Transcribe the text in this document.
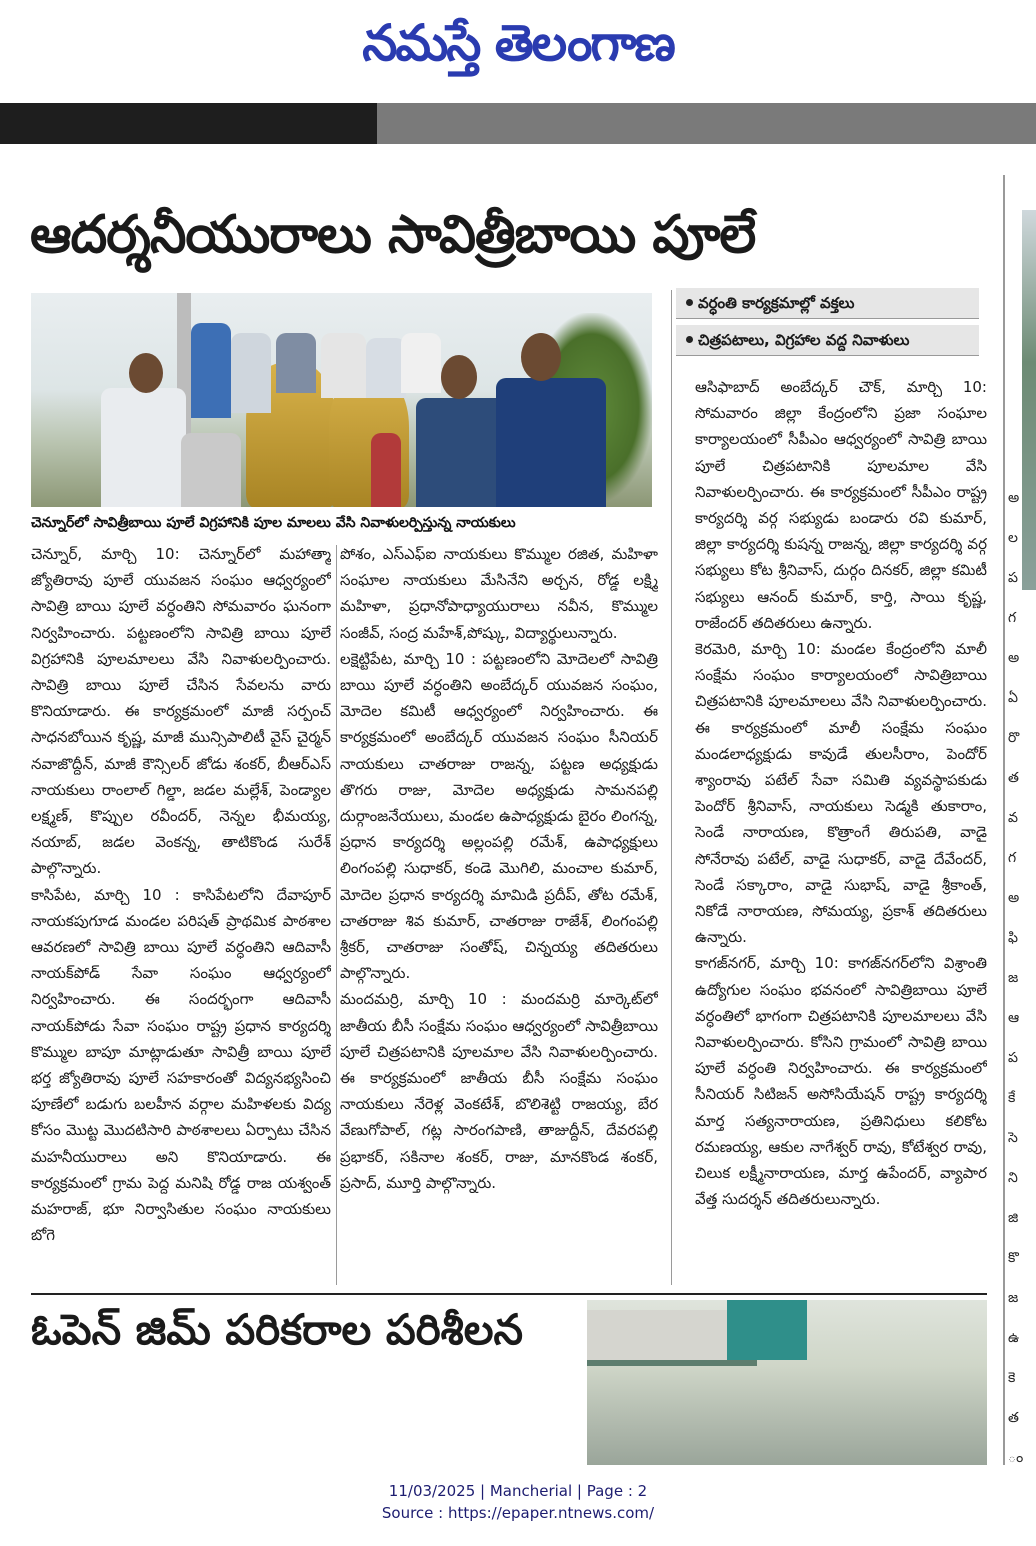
నమస్తే తెలంగాణ
అ
ల
ప
గ
అ
ఏ
రొ
త
వ
గ
అ
ఫి
జ
ఆ
ప
కే
సె
ని
జి
కొ
జ
ఉ
కె
త
ం
ఆదర్శనీయురాలు సావిత్రీబాయి పూలే
చెన్నూర్‌లో సావిత్రీబాయి పూలే విగ్రహానికి పూల మాలలు వేసి నివాళులర్పిస్తున్న నాయకులు
వర్ధంతి కార్యక్రమాల్లో వక్తలు
చిత్రపటాలు, విగ్రహాల వద్ద నివాళులు

చెన్నూర్, మార్చి 10: చెన్నూర్‌లో మహాత్మా జ్యోతిరావు పూలే యువజన సంఘం ఆధ్వర్యంలో సావిత్రి బాయి పూలే వర్ధంతిని సోమవారం ఘనంగా నిర్వహించారు. పట్టణంలోని సావిత్రి బాయి పూలే విగ్రహానికి పూలమాలలు వేసి నివాళులర్పించారు. సావిత్రి బాయి పూలే చేసిన సేవలను వారు కొనియాడారు. ఈ కార్యక్రమంలో మాజీ సర్పంచ్ సాధనబోయిన కృష్ణ, మాజీ మున్సిపాలిటీ వైస్ చైర్మన్ నవాజొద్దీన్, మాజీ కౌన్సిలర్ జోడు శంకర్, బీఆర్ఎస్ నాయకులు రాంలాల్ గిల్డా, జడల మల్లేశ్, పెండ్యాల లక్ష్మణ్, కొప్పుల రవీందర్, నెన్నల భీమయ్య, నయాబ్, జడల వెంకన్న, తాటికొండ సురేశ్ పాల్గొన్నారు.

కాసిపేట, మార్చి 10 : కాసిపేటలోని దేవాపూర్ నాయకపుగూడ మండల పరిషత్ ప్రాథమిక పాఠశాల ఆవరణలో సావిత్రి బాయి పూలే వర్ధంతిని ఆదివాసీ నాయక్‌పోడ్ సేవా సంఘం ఆధ్వర్యంలో నిర్వహించారు. ఈ సందర్భంగా ఆదివాసీ నాయక్‌పోడు సేవా సంఘం రాష్ట్ర ప్రధాన కార్యదర్శి కొమ్ముల బాపూ మాట్లాడుతూ సావిత్రీ బాయి పూలే భర్త జ్యోతిరావు పూలే సహకారంతో విద్యనభ్యసించి పూణేలో బడుగు బలహీన వర్గాల మహిళలకు విద్య కోసం మొట్ట మొదటిసారి పాఠశాలలు ఏర్పాటు చేసిన మహనీయురాలు అని కొనియాడారు. ఈ కార్యక్రమంలో గ్రామ పెద్ద మనిషి రోడ్డ రాజ యశ్వంత్ మహరాజ్, భూ నిర్వాసితుల సంఘం నాయకులు బోగె

పోశం, ఎస్ఎఫ్ఐ నాయకులు కొమ్ముల రజిత, మహిళా సంఘాల నాయకులు మేసినేని అర్చన, రోడ్డ లక్ష్మి మహిళా, ప్రధానోపాధ్యాయురాలు నవీన, కొమ్ముల సంజీవ్, సంద్ర మహేశ్,పోష్కు, విద్యార్థులున్నారు.

లక్షెట్టిపేట, మార్చి 10 : పట్టణంలోని మోదెలలో సావిత్రి బాయి పూలే వర్ధంతిని అంబేద్కర్ యువజన సంఘం, మోదెల కమిటీ ఆధ్వర్యంలో నిర్వహించారు. ఈ కార్యక్రమంలో అంబేద్కర్ యువజన సంఘం సీనియర్ నాయకులు చాతరాజు రాజన్న, పట్టణ అధ్యక్షుడు తొగరు రాజు, మోదెల అధ్యక్షుడు సామనపల్లి దుర్గాంజనేయులు, మండల ఉపాధ్యక్షుడు బైరం లింగన్న, ప్రధాన కార్యదర్శి అల్లంపల్లి రమేశ్, ఉపాధ్యక్షులు లింగంపల్లి సుధాకర్, కండె మొగిలి, మంచాల కుమార్, మోదెల ప్రధాన కార్యదర్శి మామిడి ప్రదీప్, తోట రమేశ్, చాతరాజు శివ కుమార్, చాతరాజు రాజేశ్, లింగంపల్లి శ్రీకర్, చాతరాజు సంతోష్, చిన్నయ్య తదితరులు పాల్గొన్నారు.

మందమర్రి, మార్చి 10 : మందమర్రి మార్కెట్‌లో జాతీయ బీసీ సంక్షేమ సంఘం ఆధ్వర్యంలో సావిత్రీబాయి పూలే చిత్రపటానికి పూలమాల వేసి నివాళులర్పించారు. ఈ కార్యక్రమంలో జాతీయ బీసీ సంక్షేమ సంఘం నాయకులు నేరెళ్ల వెంకటేశ్, బొలిశెట్టి రాజయ్య, బేర వేణుగోపాల్, గట్ల సారంగపాణి, తాజుద్దీన్, దేవరపల్లి ప్రభాకర్, సకినాల శంకర్, రాజు, మానకొండ శంకర్, ప్రసాద్, మూర్తి పాల్గొన్నారు.

ఆసిఫాబాద్ అంబేద్కర్ చౌక్, మార్చి 10: సోమవారం జిల్లా కేంద్రంలోని ప్రజా సంఘాల కార్యాలయంలో సీపీఎం ఆధ్వర్యంలో సావిత్రి బాయి పూలే చిత్రపటానికి పూలమాల వేసి నివాళులర్పించారు. ఈ కార్యక్రమంలో సీపీఎం రాష్ట్ర కార్యదర్శి వర్గ సభ్యుడు బండారు రవి కుమార్, జిల్లా కార్యదర్శి కుషన్న రాజన్న, జిల్లా కార్యదర్శి వర్గ సభ్యులు కోట శ్రీనివాస్, దుర్గం దినకర్, జిల్లా కమిటీ సభ్యులు ఆనంద్ కుమార్, కార్తి, సాయి కృష్ణ, రాజేందర్ తదితరులు ఉన్నారు.

కెరమెరి, మార్చి 10: మండల కేంద్రంలోని మాలీ సంక్షేమ సంఘం కార్యాలయంలో సావిత్రిబాయి చిత్రపటానికి పూలమాలలు వేసి నివాళులర్పించారు. ఈ కార్యక్రమంలో మాలీ సంక్షేమ సంఘం మండలాధ్యక్షుడు కావుడే తులసీరాం, పెందోర్ శ్యాంరావు పటేల్ సేవా సమితి వ్యవస్థాపకుడు పెందోర్ శ్రీనివాస్, నాయకులు సెడ్మకి తుకారాం, సెండే నారాయణ, కొత్రాంగే తిరుపతి, వాడై సోనేరావు పటేల్, వాడై సుధాకర్, వాడై దేవేందర్, సెండే సక్కారాం, వాడై సుభాష్, వాడై శ్రీకాంత్, నికోడే నారాయణ, సోమయ్య, ప్రకాశ్ తదితరులు ఉన్నారు.

కాగజ్‌నగర్, మార్చి 10: కాగజ్‌నగర్‌లోని విశ్రాంతి ఉద్యోగుల సంఘం భవనంలో సావిత్రిబాయి పూలే వర్ధంతిలో భాగంగా చిత్రపటానికి పూలమాలలు వేసి నివాళులర్పించారు. కోసిని గ్రామంలో సావిత్రి బాయి పూలే వర్ధంతి నిర్వహించారు. ఈ కార్యక్రమంలో సీనియర్ సిటిజన్ అసోసియేషన్ రాష్ట్ర కార్యదర్శి మార్త సత్యనారాయణ, ప్రతినిధులు కలికోట రమణయ్య, ఆకుల నాగేశ్వర్ రావు, కోటేశ్వర రావు, చిలుక లక్ష్మీనారాయణ, మార్త ఉపేందర్, వ్యాపార వేత్త సుదర్శన్ తదితరులున్నారు.

ఓపెన్ జిమ్ పరికరాల పరిశీలన
11/03/2025 | Mancherial | Page : 2
Source : https://epaper.ntnews.com/
